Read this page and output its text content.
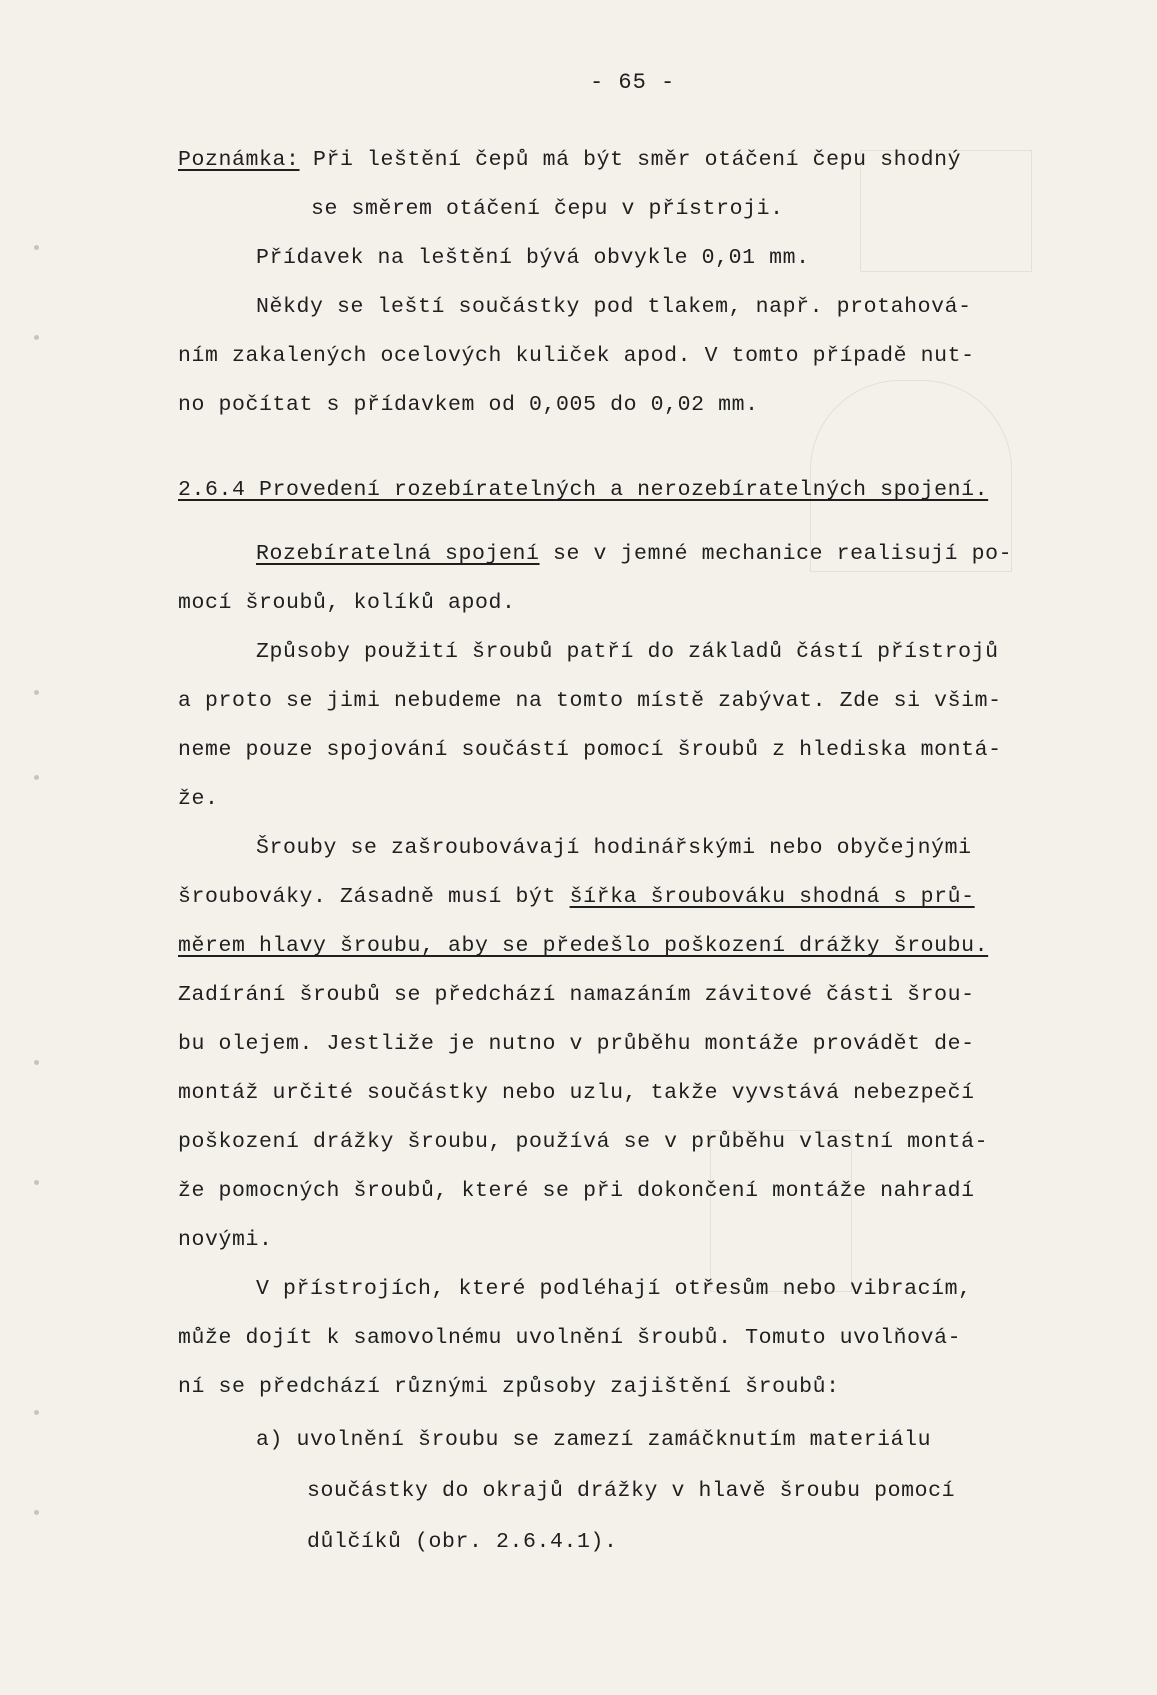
- 65 -
Poznámka: Při leštění čepů má být směr otáčení čepu shodný
se směrem otáčení čepu v přístroji.
Přídavek na leštění bývá obvykle 0,01 mm.
Někdy se leští součástky pod tlakem, např. protahová-
ním zakalených ocelových kuliček apod. V tomto případě nut-
no počítat s přídavkem od 0,005 do 0,02 mm.
2.6.4 Provedení rozebíratelných a nerozebíratelných spojení.
Rozebíratelná spojení se v jemné mechanice realisují po-
mocí šroubů, kolíků apod.
Způsoby použití šroubů patří do základů částí přístrojů
a proto se jimi nebudeme na tomto místě zabývat. Zde si všim-
neme pouze spojování součástí pomocí šroubů z hlediska montá-
že.
Šrouby se zašroubovávají hodinářskými nebo obyčejnými
šroubováky. Zásadně musí být šířka šroubováku shodná s prů-
měrem hlavy šroubu, aby se předešlo poškození drážky šroubu.
Zadírání šroubů se předchází namazáním závitové části šrou-
bu olejem. Jestliže je nutno v průběhu montáže provádět de-
montáž určité součástky nebo uzlu, takže vyvstává nebezpečí
poškození drážky šroubu, používá se v průběhu vlastní montá-
že pomocných šroubů, které se při dokončení montáže nahradí
novými.
V přístrojích, které podléhají otřesům nebo vibracím,
může dojít k samovolnému uvolnění šroubů. Tomuto uvolňová-
ní se předchází různými způsoby zajištění šroubů:
a) uvolnění šroubu se zamezí zamáčknutím materiálu
součástky do okrajů drážky v hlavě šroubu pomocí
důlčíků (obr. 2.6.4.1).
